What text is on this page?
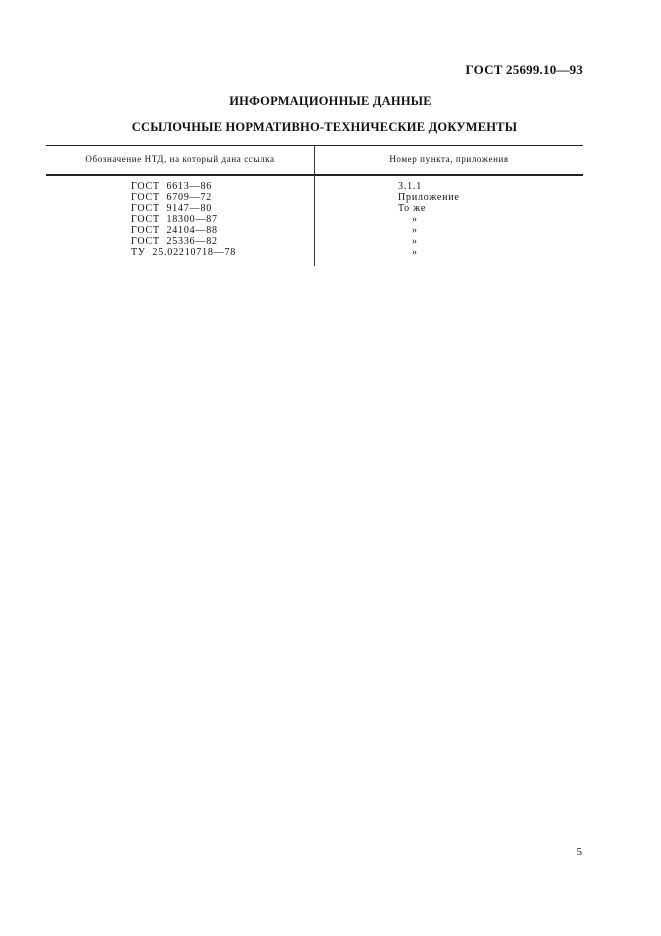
ГОСТ 25699.10—93
ИНФОРМАЦИОННЫЕ ДАННЫЕ
ССЫЛОЧНЫЕ НОРМАТИВНО-ТЕХНИЧЕСКИЕ ДОКУМЕНТЫ
Обозначение НТД, на который дана ссылка	Номер пункта, приложения
ГОСТ  6613—86
ГОСТ  6709—72
ГОСТ  9147—80
ГОСТ  18300—87
ГОСТ  24104—88
ГОСТ  25336—82
ТУ  25.02210718—78
3.1.1
Приложение
То же
»
»
»
»
5
